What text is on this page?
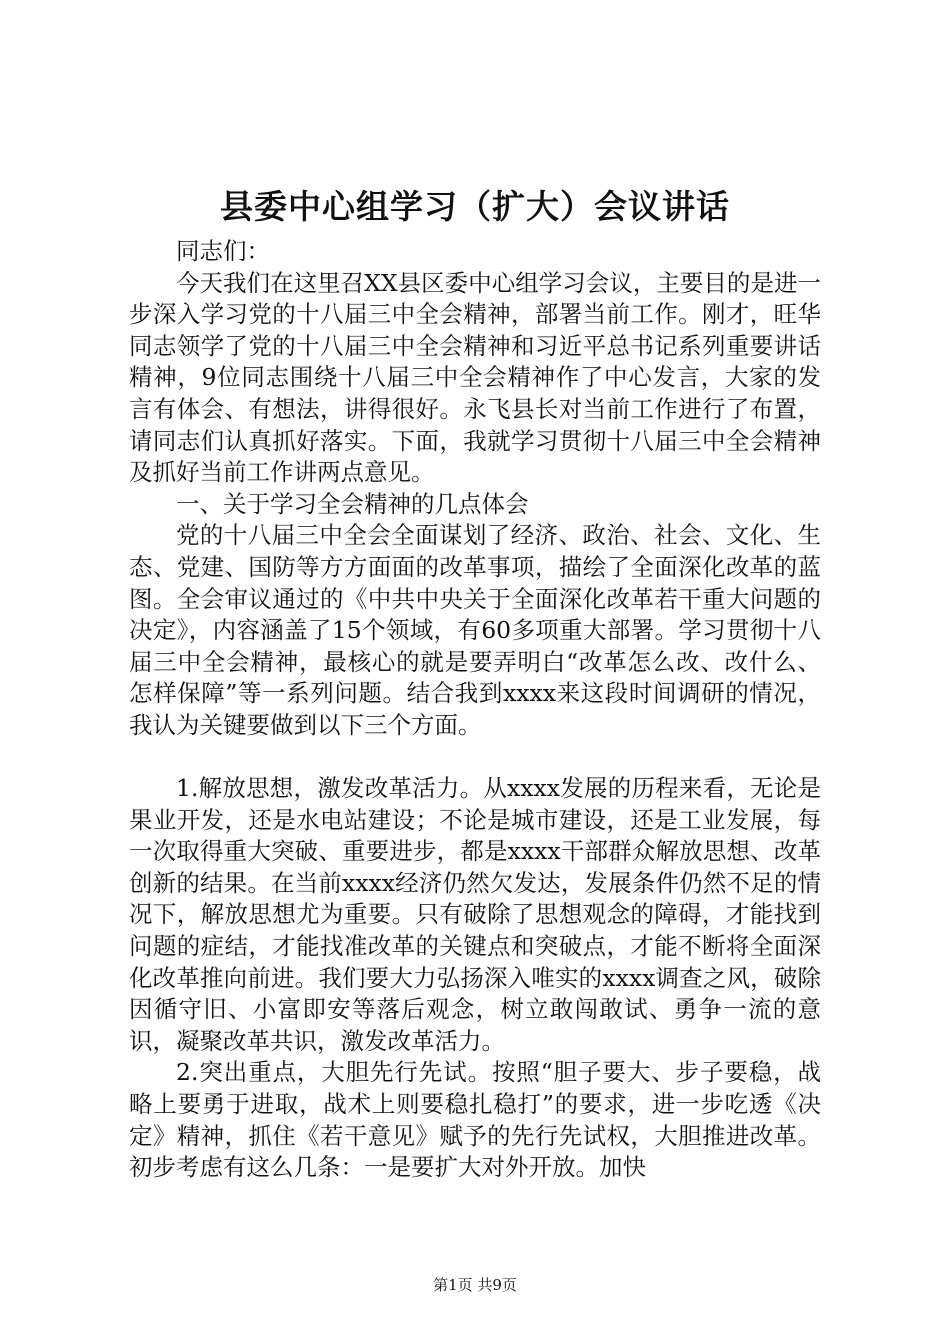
县委中心组学习（扩大）会议讲话

同志们：

今天我们在这里召XX县区委中心组学习会议，主要目的是进一步深入学习党的十八届三中全会精神，部署当前工作。刚才，旺华同志领学了党的十八届三中全会精神和习近平总书记系列重要讲话精神，9位同志围绕十八届三中全会精神作了中心发言，大家的发言有体会、有想法，讲得很好。永飞县长对当前工作进行了布置，请同志们认真抓好落实。下面，我就学习贯彻十八届三中全会精神及抓好当前工作讲两点意见。

一、关于学习全会精神的几点体会

党的十八届三中全会全面谋划了经济、政治、社会、文化、生态、党建、国防等方方面面的改革事项，描绘了全面深化改革的蓝图。全会审议通过的《中共中央关于全面深化改革若干重大问题的决定》，内容涵盖了15个领域，有60多项重大部署。学习贯彻十八届三中全会精神，最核心的就是要弄明白“改革怎么改、改什么、怎样保障”等一系列问题。结合我到xxxx来这段时间调研的情况，我认为关键要做到以下三个方面。

1.解放思想，激发改革活力。从xxxx发展的历程来看，无论是果业开发，还是水电站建设；不论是城市建设，还是工业发展，每一次取得重大突破、重要进步，都是xxxx干部群众解放思想、改革创新的结果。在当前xxxx经济仍然欠发达，发展条件仍然不足的情况下，解放思想尤为重要。只有破除了思想观念的障碍，才能找到问题的症结，才能找准改革的关键点和突破点，才能不断将全面深化改革推向前进。我们要大力弘扬深入唯实的xxxx调查之风，破除因循守旧、小富即安等落后观念，树立敢闯敢试、勇争一流的意识，凝聚改革共识，激发改革活力。

2.突出重点，大胆先行先试。按照“胆子要大、步子要稳，战略上要勇于进取，战术上则要稳扎稳打”的要求，进一步吃透《决定》精神，抓住《若干意见》赋予的先行先试权，大胆推进改革。初步考虑有这么几条：一是要扩大对外开放。加快

第1页 共9页
